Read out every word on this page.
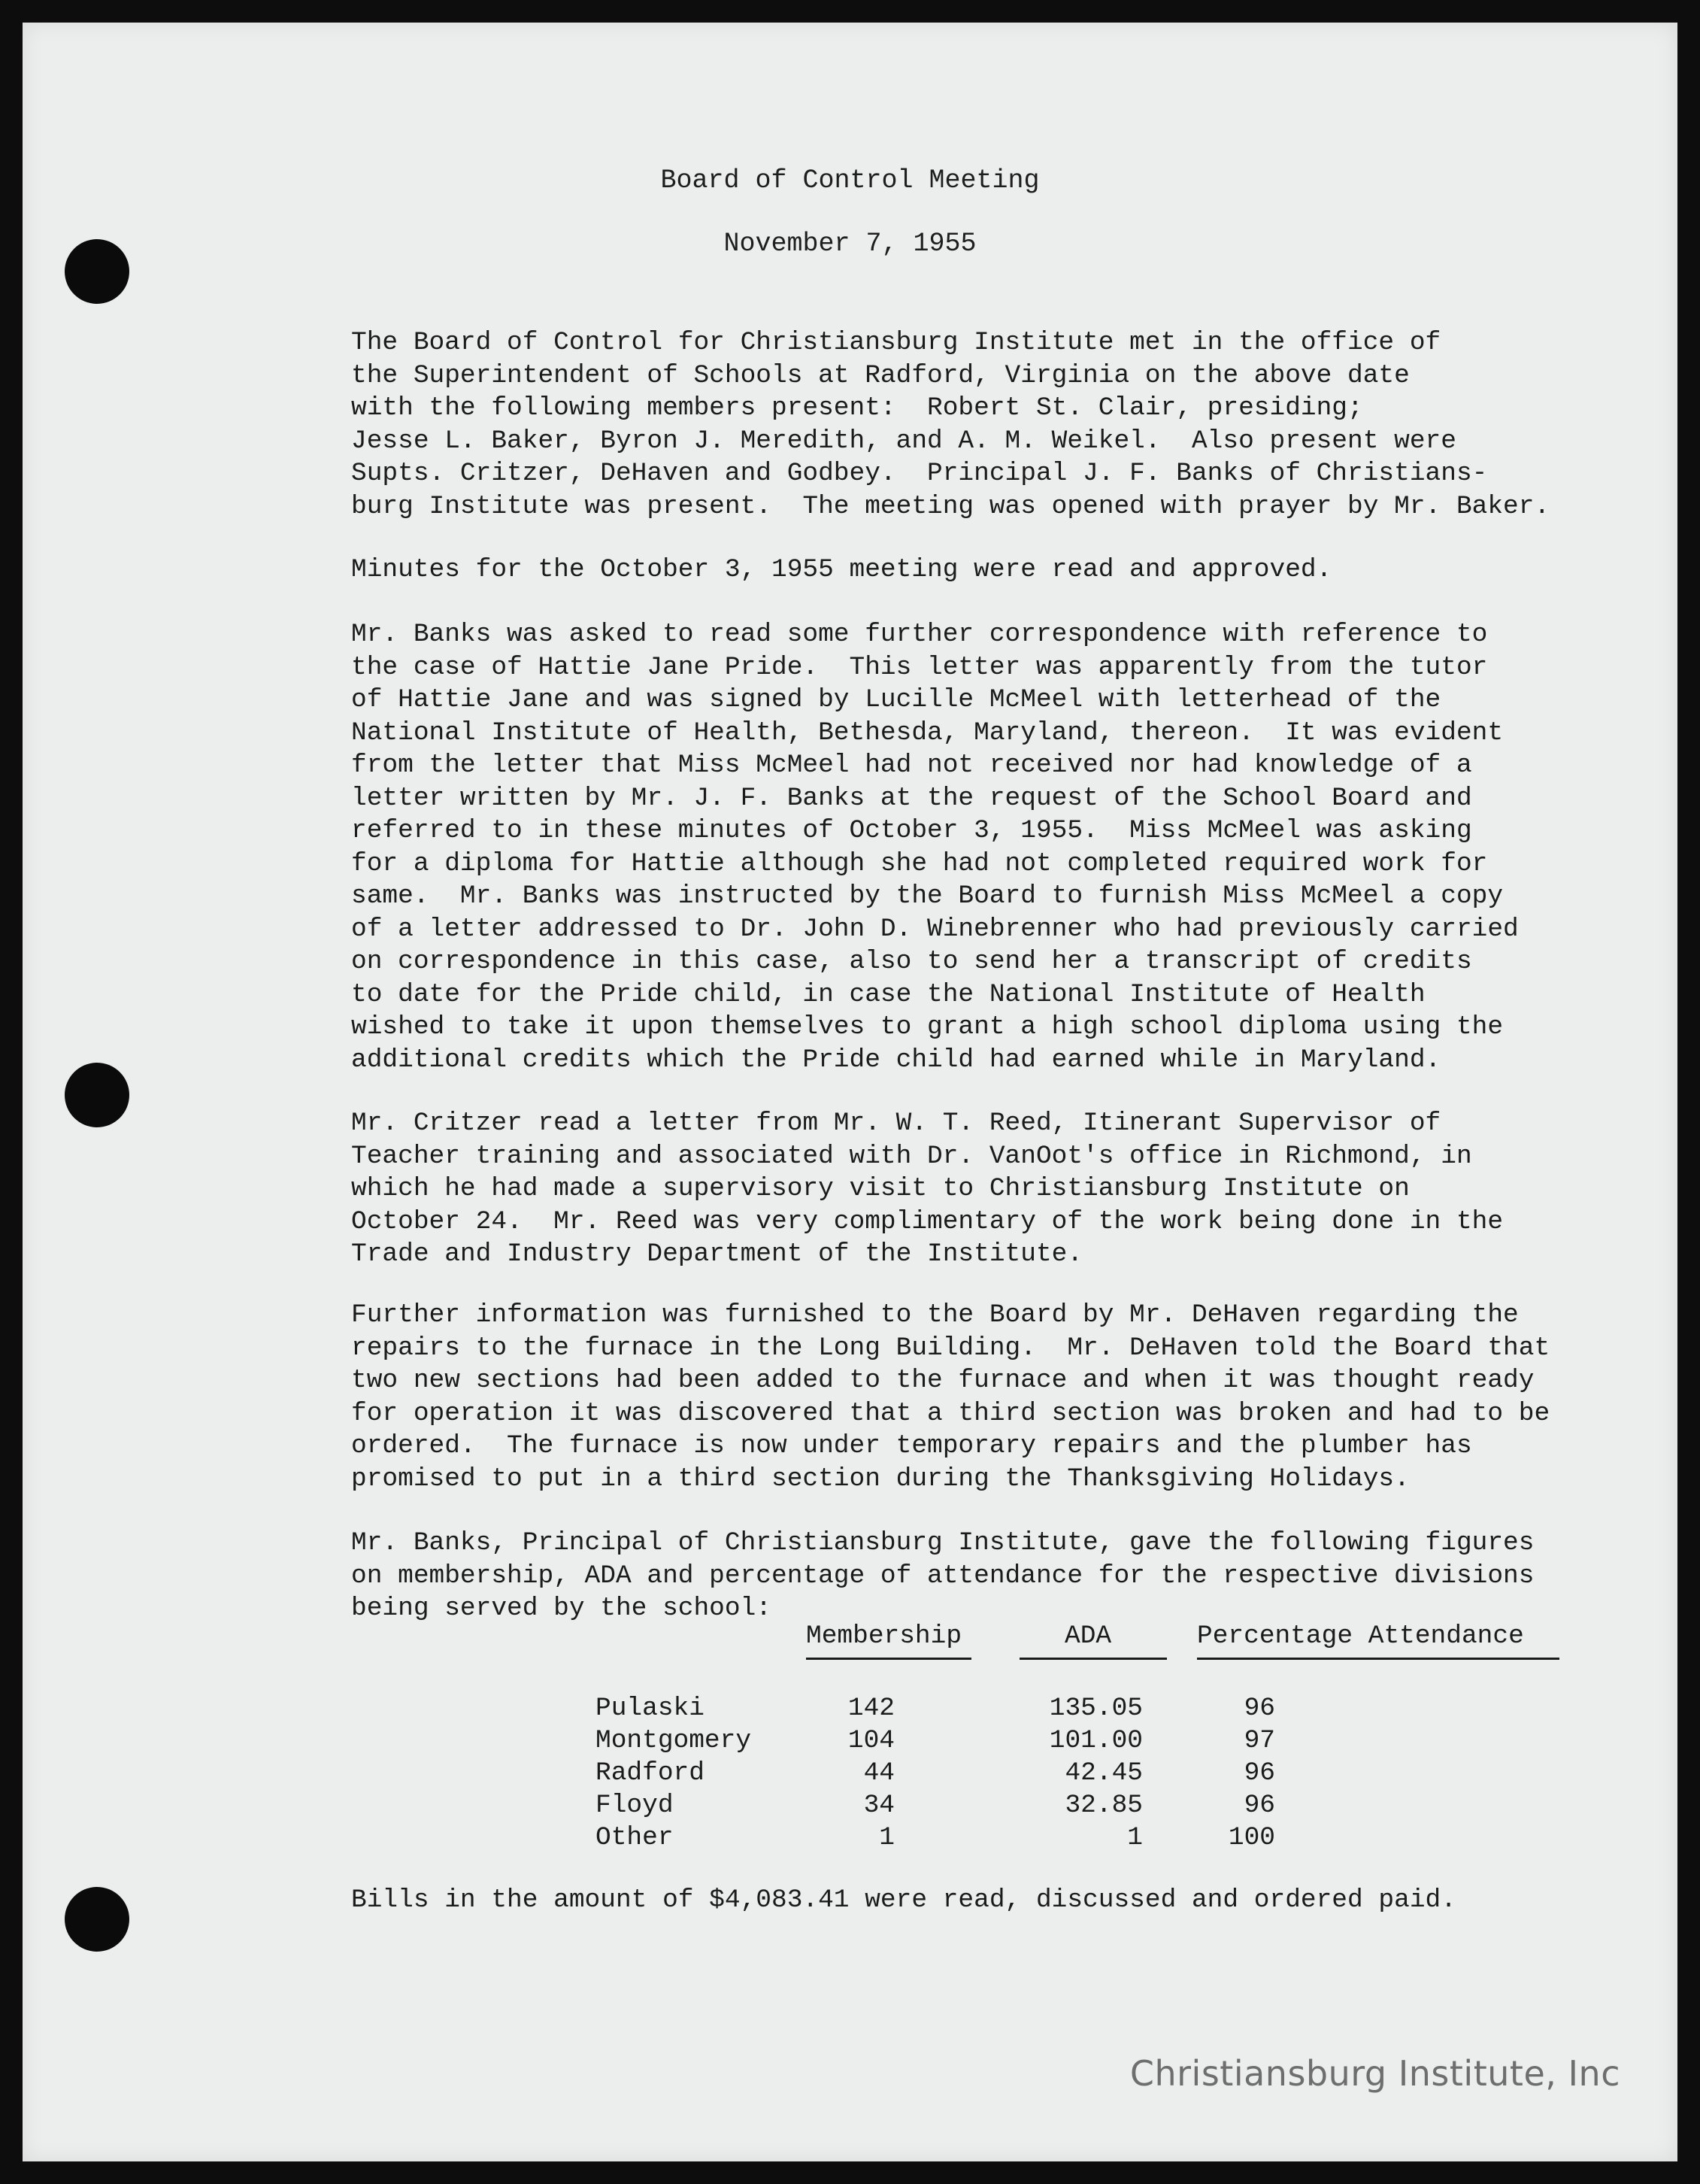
Board of Control Meeting
November 7, 1955

The Board of Control for Christiansburg Institute met in the office of

the Superintendent of Schools at Radford, Virginia on the above date

with the following members present:  Robert St. Clair, presiding;

Jesse L. Baker, Byron J. Meredith, and A. M. Weikel.  Also present were

Supts. Critzer, DeHaven and Godbey.  Principal J. F. Banks of Christians-

burg Institute was present.  The meeting was opened with prayer by Mr. Baker.

Minutes for the October 3, 1955 meeting were read and approved.

Mr. Banks was asked to read some further correspondence with reference to

the case of Hattie Jane Pride.  This letter was apparently from the tutor

of Hattie Jane and was signed by Lucille McMeel with letterhead of the

National Institute of Health, Bethesda, Maryland, thereon.  It was evident

from the letter that Miss McMeel had not received nor had knowledge of a

letter written by Mr. J. F. Banks at the request of the School Board and

referred to in these minutes of October 3, 1955.  Miss McMeel was asking

for a diploma for Hattie although she had not completed required work for

same.  Mr. Banks was instructed by the Board to furnish Miss McMeel a copy

of a letter addressed to Dr. John D. Winebrenner who had previously carried

on correspondence in this case, also to send her a transcript of credits

to date for the Pride child, in case the National Institute of Health

wished to take it upon themselves to grant a high school diploma using the

additional credits which the Pride child had earned while in Maryland.

Mr. Critzer read a letter from Mr. W. T. Reed, Itinerant Supervisor of

Teacher training and associated with Dr. VanOot's office in Richmond, in

which he had made a supervisory visit to Christiansburg Institute on

October 24.  Mr. Reed was very complimentary of the work being done in the

Trade and Industry Department of the Institute.

Further information was furnished to the Board by Mr. DeHaven regarding the

repairs to the furnace in the Long Building.  Mr. DeHaven told the Board that

two new sections had been added to the furnace and when it was thought ready

for operation it was discovered that a third section was broken and had to be

ordered.  The furnace is now under temporary repairs and the plumber has

promised to put in a third section during the Thanksgiving Holidays.

Mr. Banks, Principal of Christiansburg Institute, gave the following figures

on membership, ADA and percentage of attendance for the respective divisions

being served by the school:

Membership	ADA	Percentage Attendance
Pulaski	142	135.05	96
Montgomery	104	101.00	97
Radford	44	42.45	96
Floyd	34	32.85	96
Other	1	1	100

Bills in the amount of $4,083.41 were read, discussed and ordered paid.

Christiansburg Institute, Inc
